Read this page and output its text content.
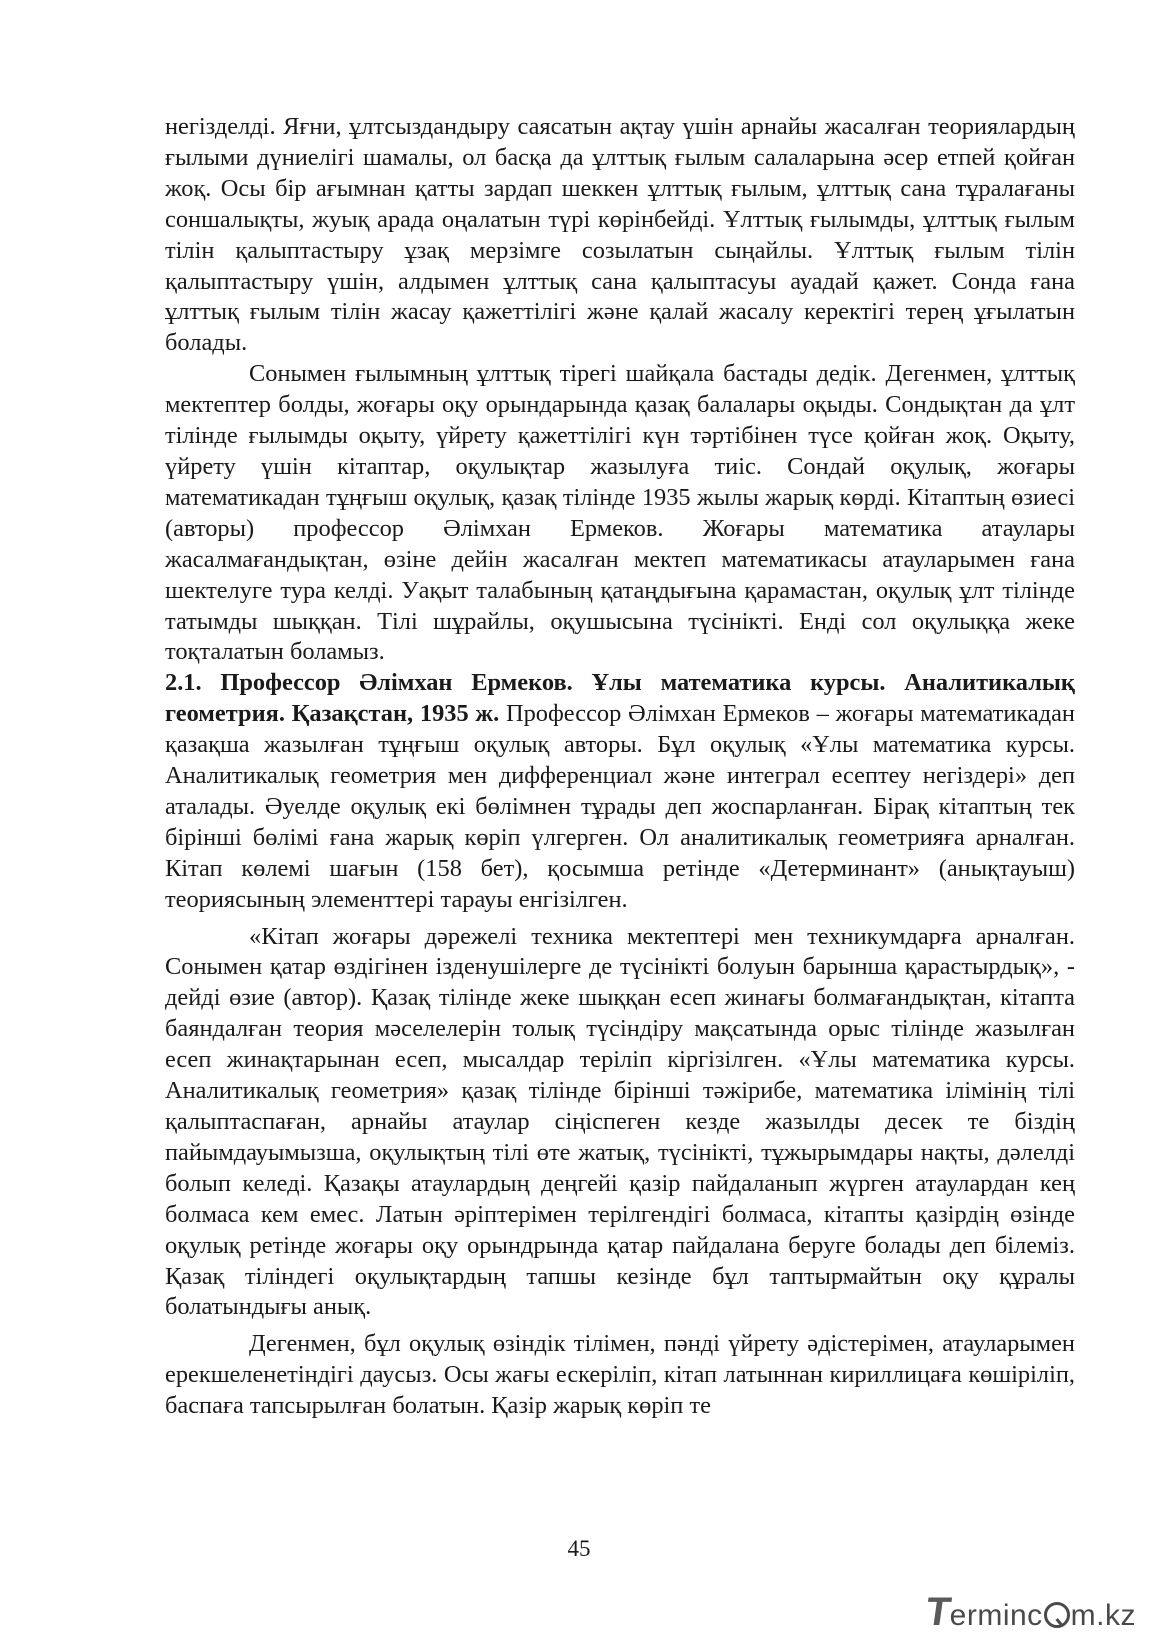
негізделді. Яғни, ұлтсыздандыру саясатын ақтау үшін арнайы жасалған теориялардың ғылыми дүниелігі шамалы, ол басқа да ұлттық ғылым салаларына әсер етпей қойған жоқ. Осы бір ағымнан қатты зардап шеккен ұлттық ғылым, ұлттық сана тұралағаны соншалықты, жуық арада оңалатын түрі көрінбейді. Ұлттық ғылымды, ұлттық ғылым тілін қалыптастыру ұзақ мерзімге созылатын сыңайлы. Ұлттық ғылым тілін қалыптастыру үшін, алдымен ұлттық сана қалыптасуы ауадай қажет. Сонда ғана ұлттық ғылым тілін жасау қажеттілігі және қалай жасалу керектігі терең ұғылатын болады.

Сонымен ғылымның ұлттық тірегі шайқала бастады дедік. Дегенмен, ұлттық мектептер болды, жоғары оқу орындарында қазақ балалары оқыды. Сондықтан да ұлт тілінде ғылымды оқыту, үйрету қажеттілігі күн тәртібінен түсе қойған жоқ. Оқыту, үйрету үшін кітаптар, оқулықтар жазылуға тиіс. Сондай оқулық, жоғары математикадан тұңғыш оқулық, қазақ тілінде 1935 жылы жарық көрді. Кітаптың өзиесі (авторы) профессор Әлімхан Ермеков. Жоғары математика атаулары жасалмағандықтан, өзіне дейін жасалған мектеп математикасы атауларымен ғана шектелуге тура келді. Уақыт талабының қатаңдығына қарамастан, оқулық ұлт тілінде татымды шыққан. Тілі шұрайлы, оқушысына түсінікті. Енді сол оқулыққа жеке тоқталатын боламыз.

2.1. Профессор Әлімхан Ермеков. Ұлы математика курсы. Аналитикалық геометрия. Қазақстан, 1935 ж. Профессор Әлімхан Ермеков – жоғары математикадан қазақша жазылған тұңғыш оқулық авторы. Бұл оқулық «Ұлы математика курсы. Аналитикалық геометрия мен дифференциал және интеграл есептеу негіздері» деп аталады. Әуелде оқулық екі бөлімнен тұрады деп жоспарланған. Бірақ кітаптың тек бірінші бөлімі ғана жарық көріп үлгерген. Ол аналитикалық геометрияға арналған. Кітап көлемі шағын (158 бет), қосымша ретінде «Детерминант» (анықтауыш) теориясының элементтері тарауы енгізілген.

«Кітап жоғары дәрежелі техника мектептері мен техникумдарға арналған. Сонымен қатар өздігінен ізденушілерге де түсінікті болуын барынша қарастырдық», - дейді өзие (автор). Қазақ тілінде жеке шыққан есеп жинағы болмағандықтан, кітапта баяндалған теория мәселелерін толық түсіндіру мақсатында орыс тілінде жазылған есеп жинақтарынан есеп, мысалдар теріліп кіргізілген. «Ұлы математика курсы. Аналитикалық геометрия» қазақ тілінде бірінші тәжірибе, математика ілімінің тілі қалыптаспаған, арнайы атаулар сіңіспеген кезде жазылды десек те біздің пайымдауымызша, оқулықтың тілі өте жатық, түсінікті, тұжырымдары нақты, дәлелді болып келеді. Қазақы атаулардың деңгейі қазір пайдаланып жүрген атаулардан кең болмаса кем емес. Латын әріптерімен терілгендігі болмаса, кітапты қазірдің өзінде оқулық ретінде жоғары оқу орындрында қатар пайдалана беруге болады деп білеміз. Қазақ тіліндегі оқулықтардың тапшы кезінде бұл таптырмайтын оқу құралы болатындығы анық.

Дегенмен, бұл оқулық өзіндік тілімен, пәнді үйрету әдістерімен, атауларымен ерекшеленетіндігі даусыз. Осы жағы ескеріліп, кітап латыннан кириллицаға көшіріліп, баспаға тапсырылған болатын. Қазір жарық көріп те

45
Terminc m.kz
